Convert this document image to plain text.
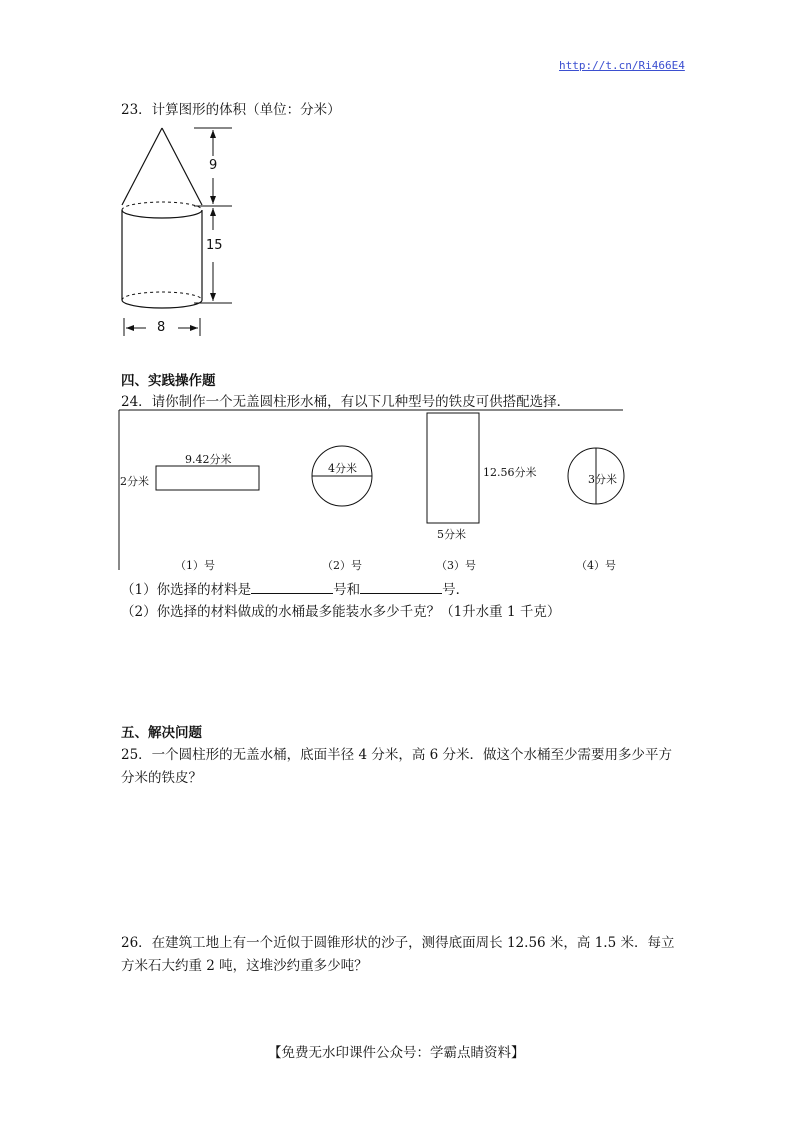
http://t.cn/Ri466E4
23．计算图形的体积（单位：分米）
9
15
8
四、实践操作题
24．请你制作一个无盖圆柱形水桶，有以下几种型号的铁皮可供搭配选择．
9.42分米
2分米
4分米	12.56分米
5分米
3分米
（1）号	（2）号	（3）号	（4）号
（1）你选择的材料是	号和	号．
（2）你选择的材料做成的水桶最多能装水多少千克？（1升水重 1 千克）
五、解决问题
25．一个圆柱形的无盖水桶，底面半径 4 分米，高 6 分米．做这个水桶至少需要用多少平方
分米的铁皮？
26．在建筑工地上有一个近似于圆锥形状的沙子，测得底面周长 12.56 米，高 1.5 米．每立
方米石大约重 2 吨，这堆沙约重多少吨？
【免费无水印课件公众号：学霸点睛资料】
